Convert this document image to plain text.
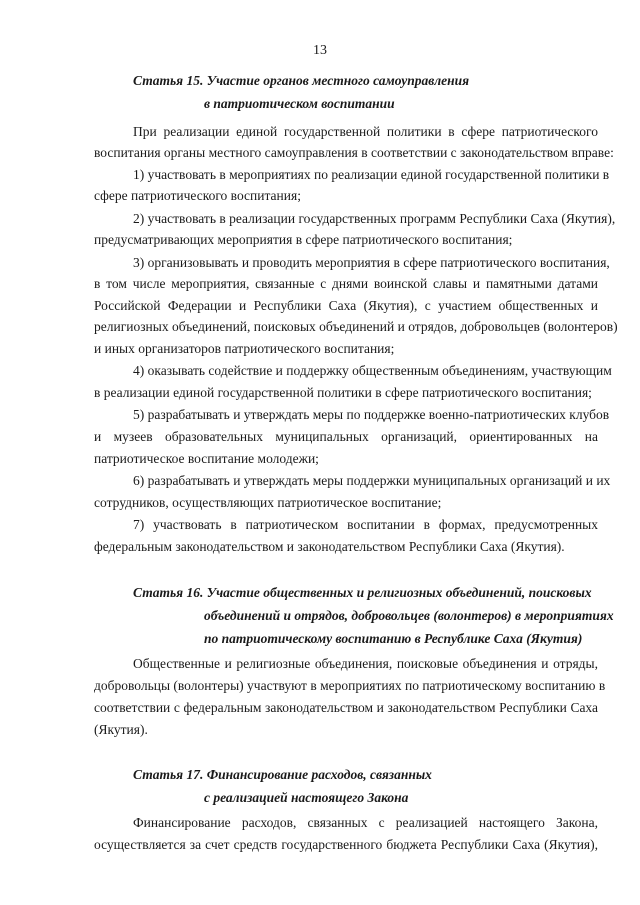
13
Статья 15. Участие органов местного самоуправления
в патриотическом воспитании
При реализации единой государственной политики в сфере патриотического
воспитания органы местного самоуправления в соответствии с законодательством вправе:
1) участвовать в мероприятиях по реализации единой государственной политики в
сфере патриотического воспитания;
2) участвовать в реализации государственных программ Республики Саха (Якутия),
предусматривающих мероприятия в сфере патриотического воспитания;
3) организовывать и проводить мероприятия в сфере патриотического воспитания,
в том числе мероприятия, связанные с днями воинской славы и памятными датами
Российской Федерации и Республики Саха (Якутия), с участием общественных и
религиозных объединений, поисковых объединений и отрядов, добровольцев (волонтеров)
и иных организаторов патриотического воспитания;
4) оказывать содействие и поддержку общественным объединениям, участвующим
в реализации единой государственной политики в сфере патриотического воспитания;
5) разрабатывать и утверждать меры по поддержке военно-патриотических клубов
и музеев образовательных муниципальных организаций, ориентированных на
патриотическое воспитание молодежи;
6) разрабатывать и утверждать меры поддержки муниципальных организаций и их
сотрудников, осуществляющих патриотическое воспитание;
7) участвовать в патриотическом воспитании в формах, предусмотренных
федеральным законодательством и законодательством Республики Саха (Якутия).
Статья 16. Участие общественных и религиозных объединений, поисковых
объединений и отрядов, добровольцев (волонтеров) в мероприятиях
по патриотическому воспитанию в Республике Саха (Якутия)
Общественные и религиозные объединения, поисковые объединения и отряды,
добровольцы (волонтеры) участвуют в мероприятиях по патриотическому воспитанию в
соответствии с федеральным законодательством и законодательством Республики Саха
(Якутия).
Статья 17. Финансирование расходов, связанных
с реализацией настоящего Закона
Финансирование расходов, связанных с реализацией настоящего Закона,
осуществляется за счет средств государственного бюджета Республики Саха (Якутия),
